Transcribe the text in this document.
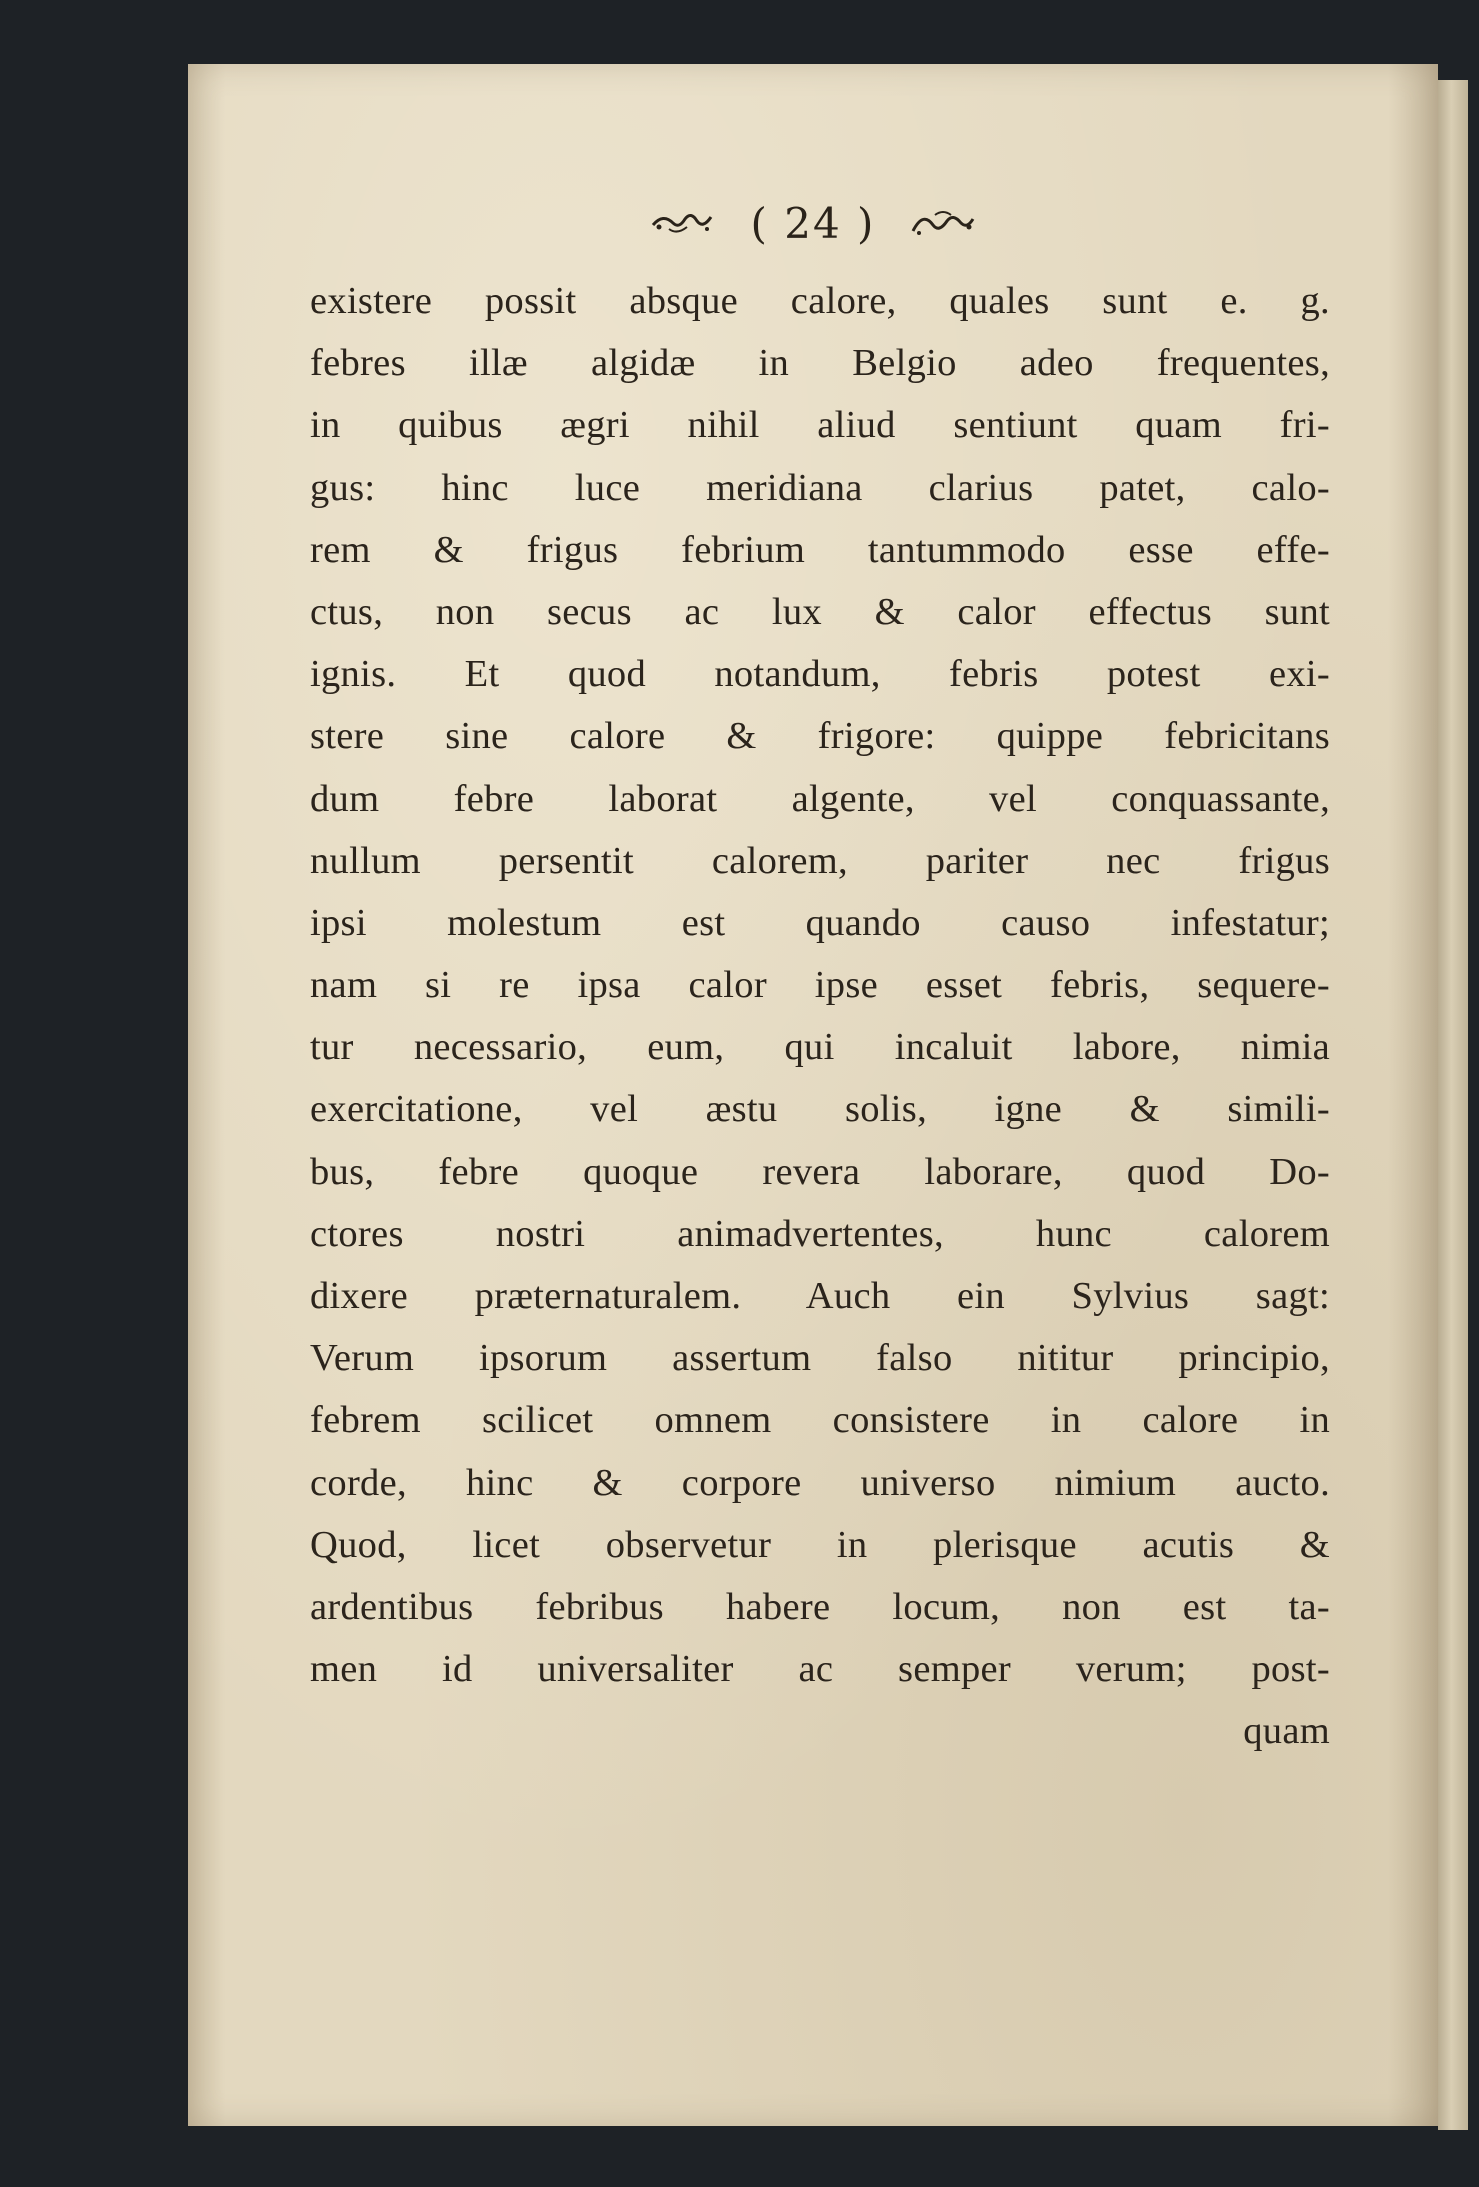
( 24 )
existere possit absque calore, quales sunt e. g.
febres illæ algidæ in Belgio adeo frequentes,
in quibus ægri nihil aliud sentiunt quam fri-
gus: hinc luce meridiana clarius patet, calo-
rem & frigus febrium tantummodo esse effe-
ctus, non secus ac lux & calor effectus sunt
ignis. Et quod notandum, febris potest exi-
stere sine calore & frigore: quippe febricitans
dum febre laborat algente, vel conquassante,
nullum persentit calorem, pariter nec frigus
ipsi molestum est quando causo infestatur;
nam si re ipsa calor ipse esset febris, sequere-
tur necessario, eum, qui incaluit labore, nimia
exercitatione, vel æstu solis, igne & simili-
bus, febre quoque revera laborare, quod Do-
ctores nostri animadvertentes, hunc calorem
dixere præternaturalem. Auch ein Sylvius sagt:
Verum ipsorum assertum falso nititur principio,
febrem scilicet omnem consistere in calore in
corde, hinc & corpore universo nimium aucto.
Quod, licet observetur in plerisque acutis &
ardentibus febribus habere locum, non est ta-
men id universaliter ac semper verum; post-
quam
